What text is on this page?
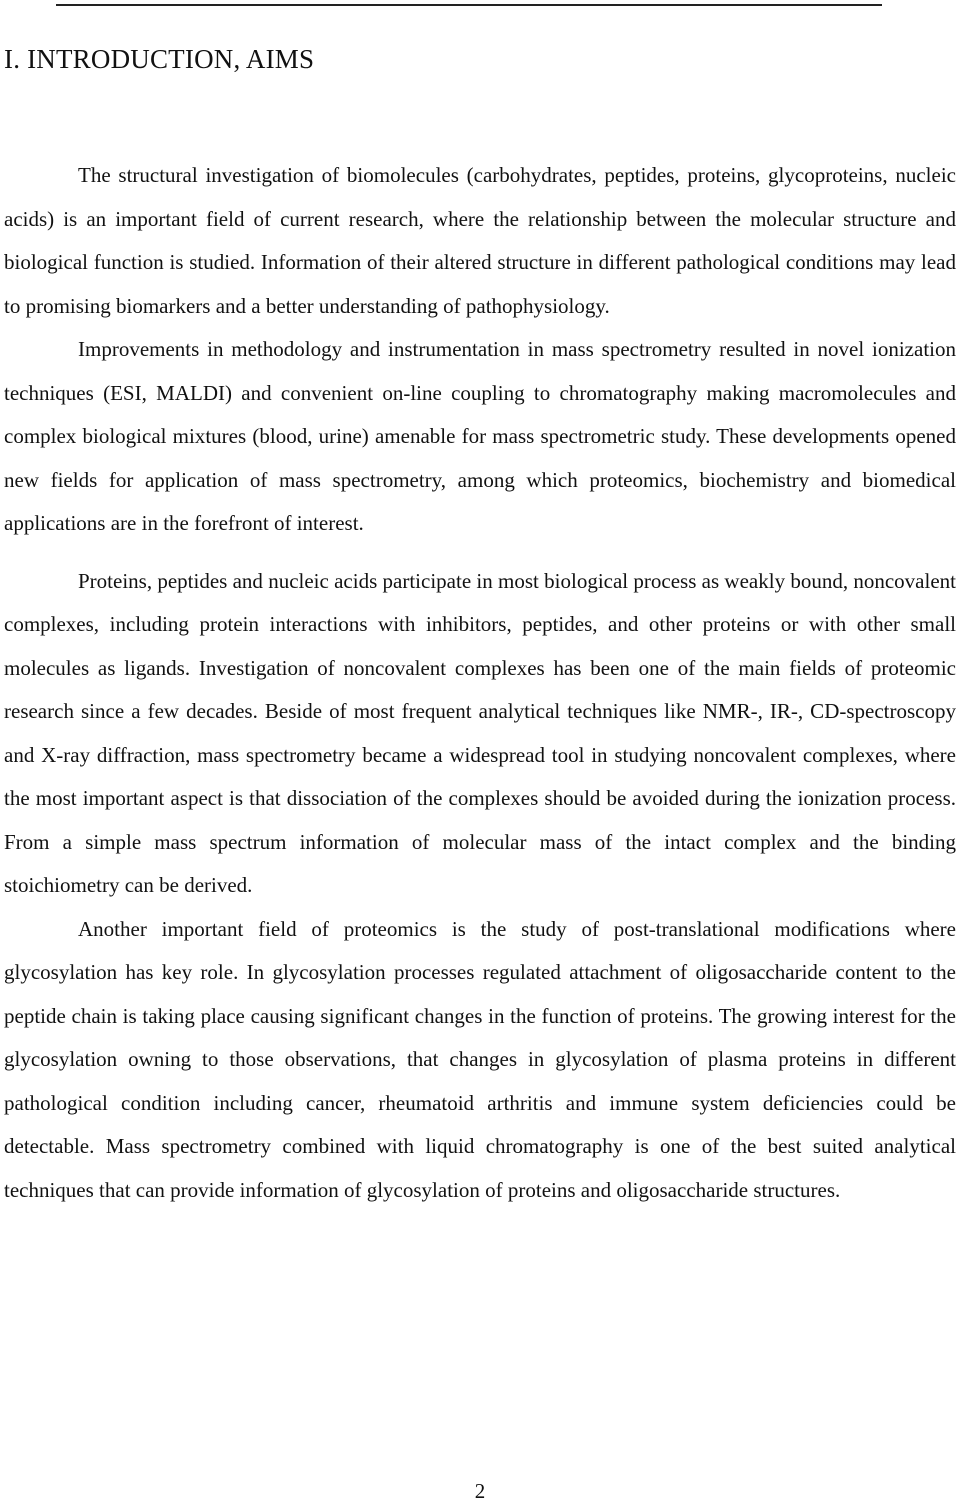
I. INTRODUCTION, AIMS

The structural investigation of biomolecules (carbohydrates, peptides, proteins, glycoproteins, nucleic acids) is an important field of current research, where the relationship between the molecular structure and biological function is studied. Information of their altered structure in different pathological conditions may lead to promising biomarkers and a better understanding of pathophysiology.

Improvements in methodology and instrumentation in mass spectrometry resulted in novel ionization techniques (ESI, MALDI) and convenient on-line coupling to chromatography making macromolecules and complex biological mixtures (blood, urine) amenable for mass spectrometric study. These developments opened new fields for application of mass spectrometry, among which proteomics, biochemistry and biomedical applications are in the forefront of interest.

Proteins, peptides and nucleic acids participate in most biological process as weakly bound, noncovalent complexes, including protein interactions with inhibitors, peptides, and other proteins or with other small molecules as ligands. Investigation of noncovalent complexes has been one of the main fields of proteomic research since a few decades. Beside of most frequent analytical techniques like NMR-, IR-, CD-spectroscopy and X-ray diffraction, mass spectrometry became a widespread tool in studying noncovalent complexes, where the most important aspect is that dissociation of the complexes should be avoided during the ionization process. From a simple mass spectrum information of molecular mass of the intact complex and the binding stoichiometry can be derived.

Another important field of proteomics is the study of post-translational modifications where glycosylation has key role. In glycosylation processes regulated attachment of oligosaccharide content to the peptide chain is taking place causing significant changes in the function of proteins. The growing interest for the glycosylation owning to those observations, that changes in glycosylation of plasma proteins in different pathological condition including cancer, rheumatoid arthritis and immune system deficiencies could be detectable. Mass spectrometry combined with liquid chromatography is one of the best suited analytical techniques that can provide information of glycosylation of proteins and oligosaccharide structures.

2
